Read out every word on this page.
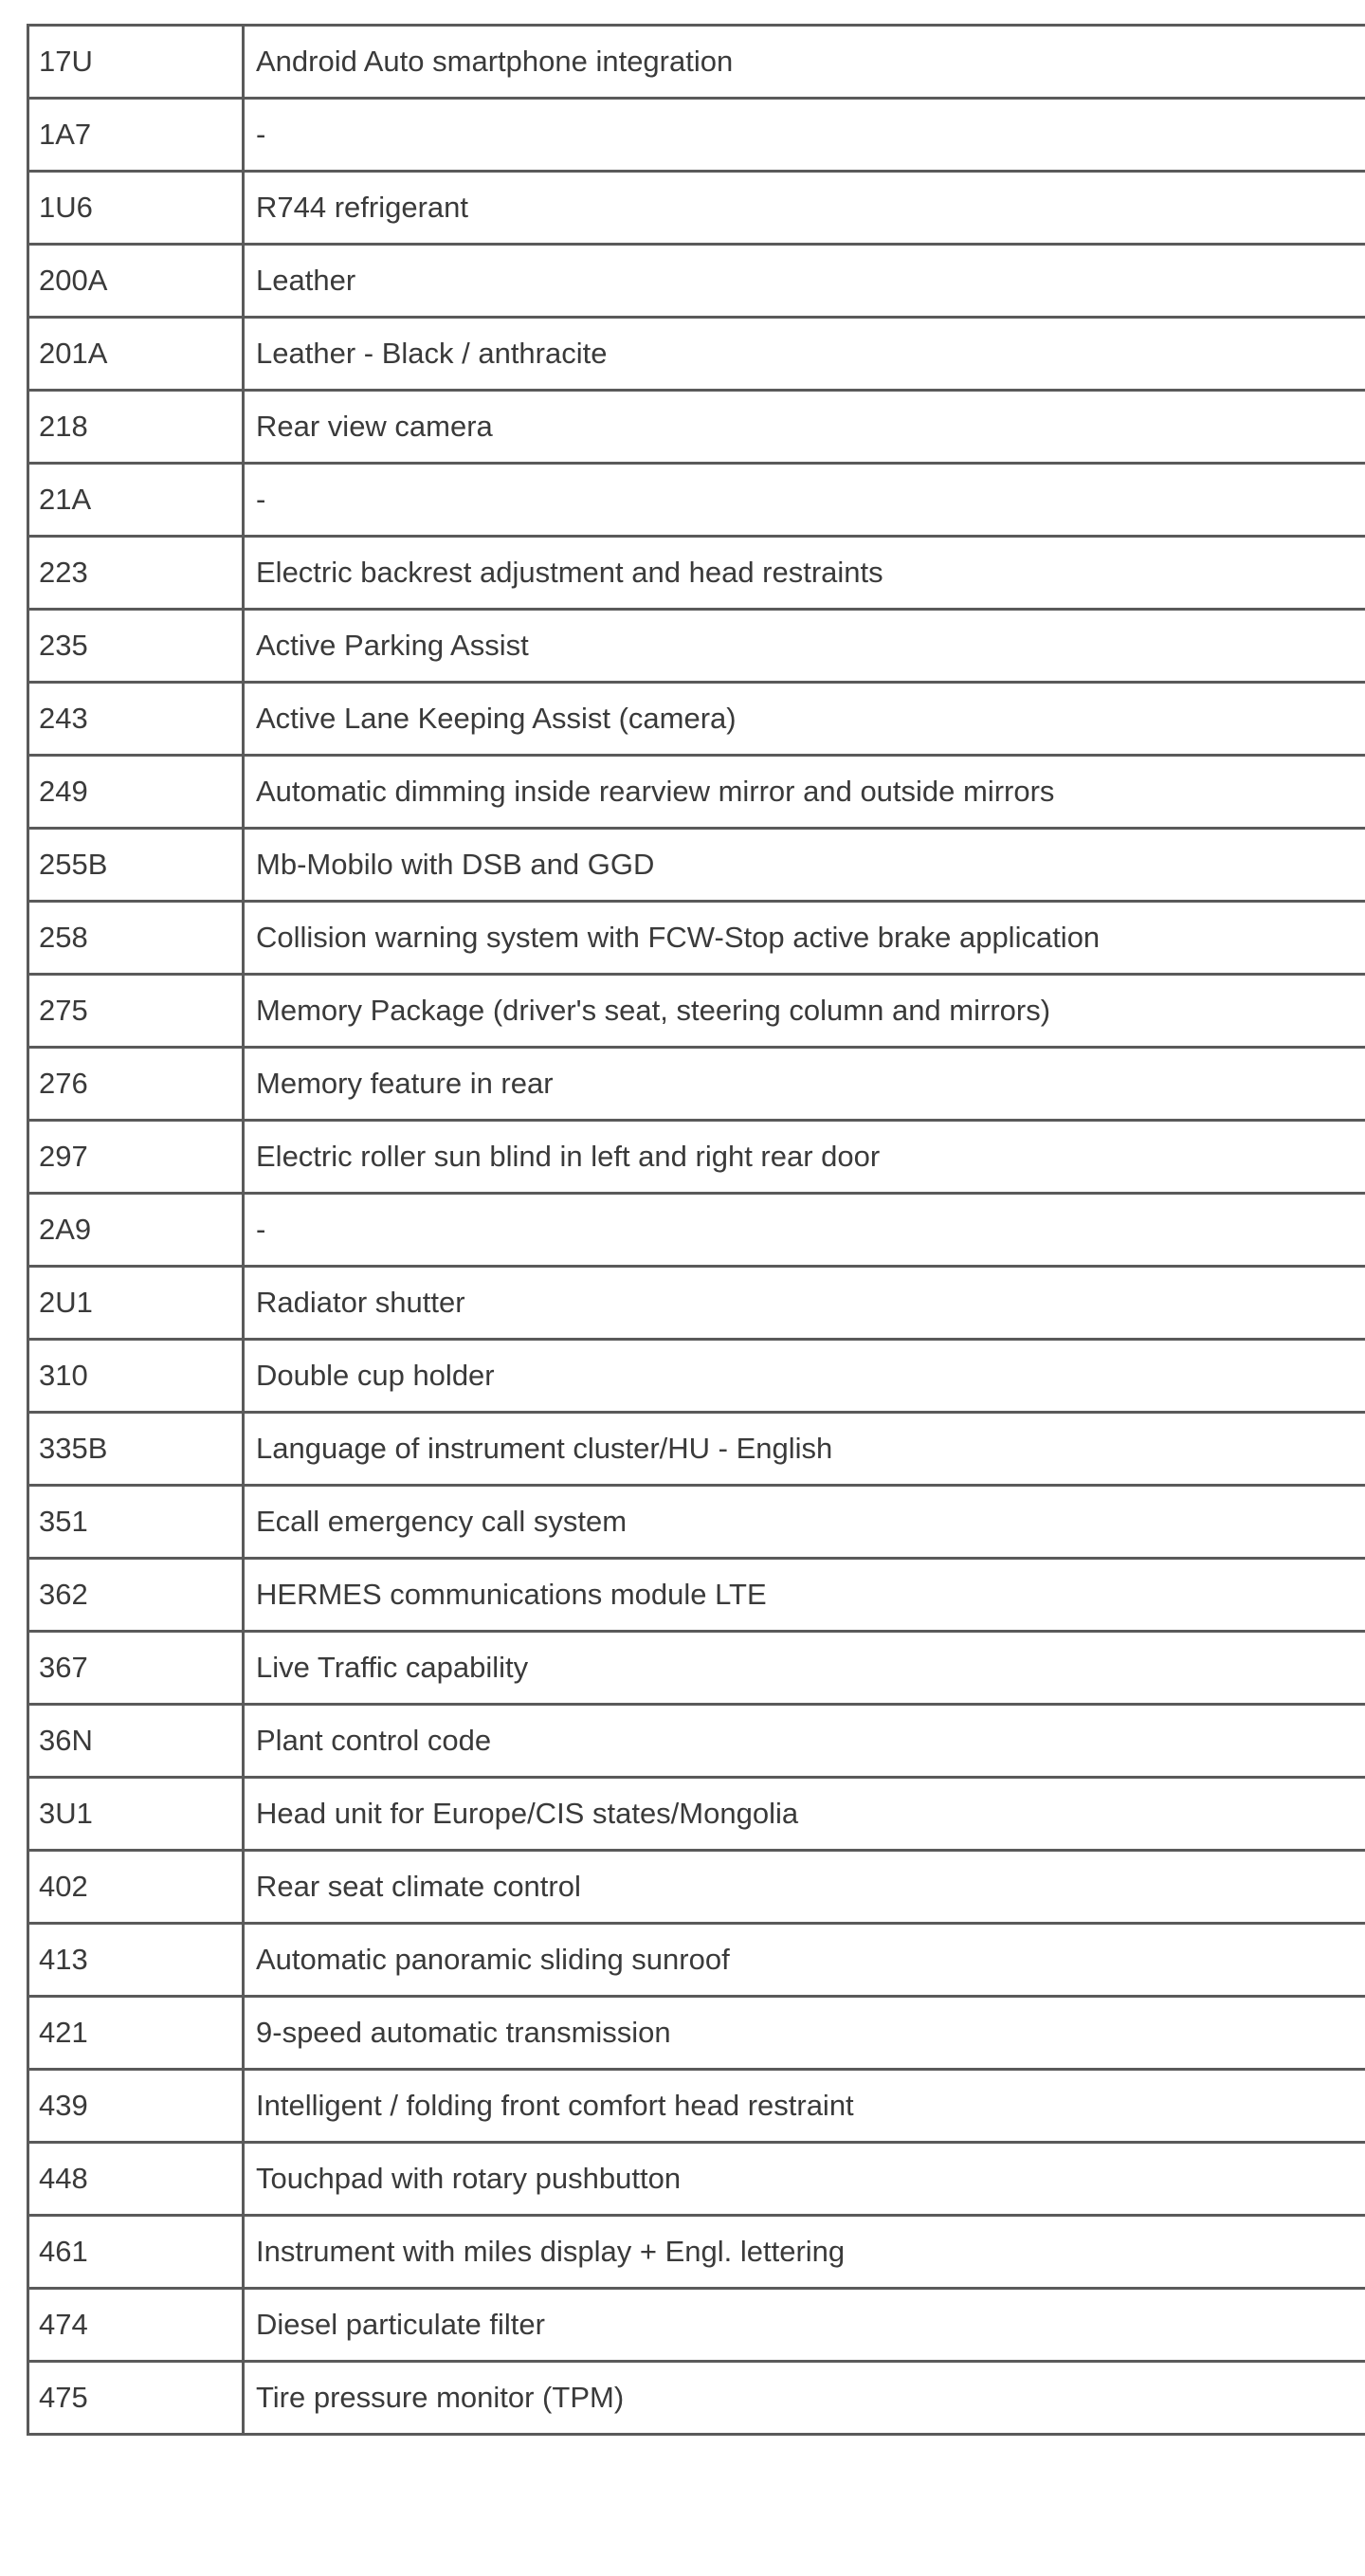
17U	Android Auto smartphone integration
1A7	-
1U6	R744 refrigerant
200A	Leather
201A	Leather - Black / anthracite
218	Rear view camera
21A	-
223	Electric backrest adjustment and head restraints
235	Active Parking Assist
243	Active Lane Keeping Assist (camera)
249	Automatic dimming inside rearview mirror and outside mirrors
255B	Mb-Mobilo with DSB and GGD
258	Collision warning system with FCW-Stop active brake application
275	Memory Package (driver's seat, steering column and mirrors)
276	Memory feature in rear
297	Electric roller sun blind in left and right rear door
2A9	-
2U1	Radiator shutter
310	Double cup holder
335B	Language of instrument cluster/HU - English
351	Ecall emergency call system
362	HERMES communications module LTE
367	Live Traffic capability
36N	Plant control code
3U1	Head unit for Europe/CIS states/Mongolia
402	Rear seat climate control
413	Automatic panoramic sliding sunroof
421	9-speed automatic transmission
439	Intelligent / folding front comfort head restraint
448	Touchpad with rotary pushbutton
461	Instrument with miles display + Engl. lettering
474	Diesel particulate filter
475	Tire pressure monitor (TPM)
